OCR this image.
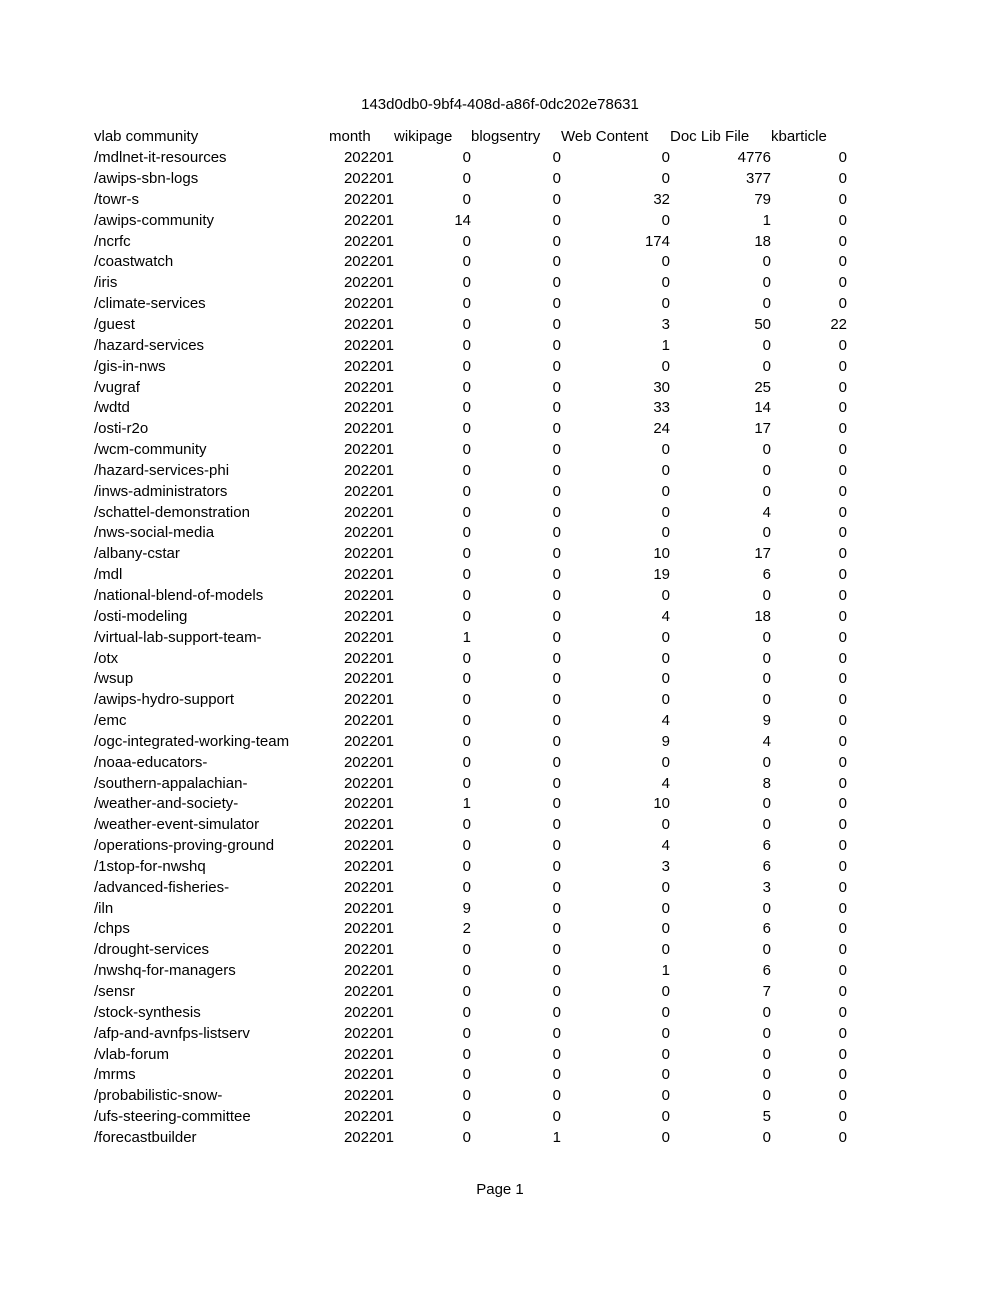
143d0db0-9bf4-408d-a86f-0dc202e78631
vlab community	month	wikipage	blogsentry	Web Content	Doc Lib File	kbarticle
/mdlnet-it-resources	202201	0	0	0	4776	0
/awips-sbn-logs	202201	0	0	0	377	0
/towr-s	202201	0	0	32	79	0
/awips-community	202201	14	0	0	1	0
/ncrfc	202201	0	0	174	18	0
/coastwatch	202201	0	0	0	0	0
/iris	202201	0	0	0	0	0
/climate-services	202201	0	0	0	0	0
/guest	202201	0	0	3	50	22
/hazard-services	202201	0	0	1	0	0
/gis-in-nws	202201	0	0	0	0	0
/vugraf	202201	0	0	30	25	0
/wdtd	202201	0	0	33	14	0
/osti-r2o	202201	0	0	24	17	0
/wcm-community	202201	0	0	0	0	0
/hazard-services-phi	202201	0	0	0	0	0
/inws-administrators	202201	0	0	0	0	0
/schattel-demonstration	202201	0	0	0	4	0
/nws-social-media	202201	0	0	0	0	0
/albany-cstar	202201	0	0	10	17	0
/mdl	202201	0	0	19	6	0
/national-blend-of-models	202201	0	0	0	0	0
/osti-modeling	202201	0	0	4	18	0
/virtual-lab-support-team-	202201	1	0	0	0	0
/otx	202201	0	0	0	0	0
/wsup	202201	0	0	0	0	0
/awips-hydro-support	202201	0	0	0	0	0
/emc	202201	0	0	4	9	0
/ogc-integrated-working-team	202201	0	0	9	4	0
/noaa-educators-	202201	0	0	0	0	0
/southern-appalachian-	202201	0	0	4	8	0
/weather-and-society-	202201	1	0	10	0	0
/weather-event-simulator	202201	0	0	0	0	0
/operations-proving-ground	202201	0	0	4	6	0
/1stop-for-nwshq	202201	0	0	3	6	0
/advanced-fisheries-	202201	0	0	0	3	0
/iln	202201	9	0	0	0	0
/chps	202201	2	0	0	6	0
/drought-services	202201	0	0	0	0	0
/nwshq-for-managers	202201	0	0	1	6	0
/sensr	202201	0	0	0	7	0
/stock-synthesis	202201	0	0	0	0	0
/afp-and-avnfps-listserv	202201	0	0	0	0	0
/vlab-forum	202201	0	0	0	0	0
/mrms	202201	0	0	0	0	0
/probabilistic-snow-	202201	0	0	0	0	0
/ufs-steering-committee	202201	0	0	0	5	0
/forecastbuilder	202201	0	1	0	0	0
Page 1
